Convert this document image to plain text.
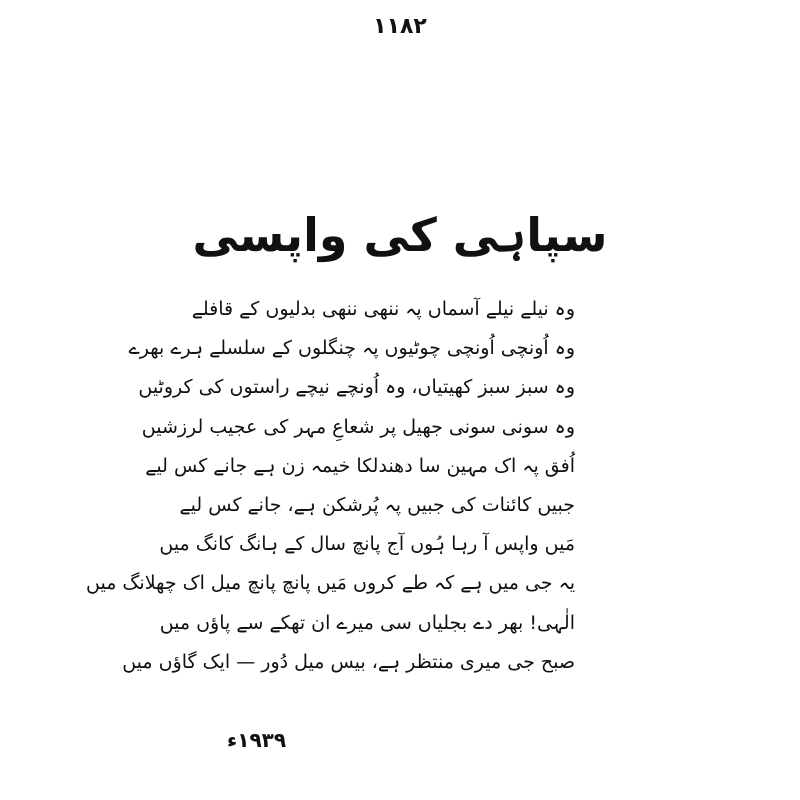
۱۱۸۲
سپاہی کی واپسی
وہ نیلے نیلے آسماں پہ ننھی ننھی بدلیوں کے قافلے
وہ اُونچی اُونچی چوٹیوں پہ چنگلوں کے سلسلے ہرے بھرے
وہ سبز سبز کھیتیاں، وہ اُونچے نیچے راستوں کی کروٹیں
وہ سونی سونی جھیل پر شعاعِ مہر کی عجیب لرزشیں
اُفق پہ اک مہین سا دھندلکا خیمہ زن ہے جانے کس لیے
جبیں کائنات کی جبیں پہ پُرشکن ہے، جانے کس لیے
مَیں واپس آ رہا ہُوں آج پانچ سال کے ہانگ کانگ میں
یہ جی میں ہے کہ طے کروں مَیں پانچ پانچ میل اک چھلانگ میں
الٰہی! بھر دے بجلیاں سی میرے ان تھکے سے پاؤں میں
صبح جی میری منتظر ہے، بیس میل دُور — ایک گاؤں میں
۱۹۳۹ء
